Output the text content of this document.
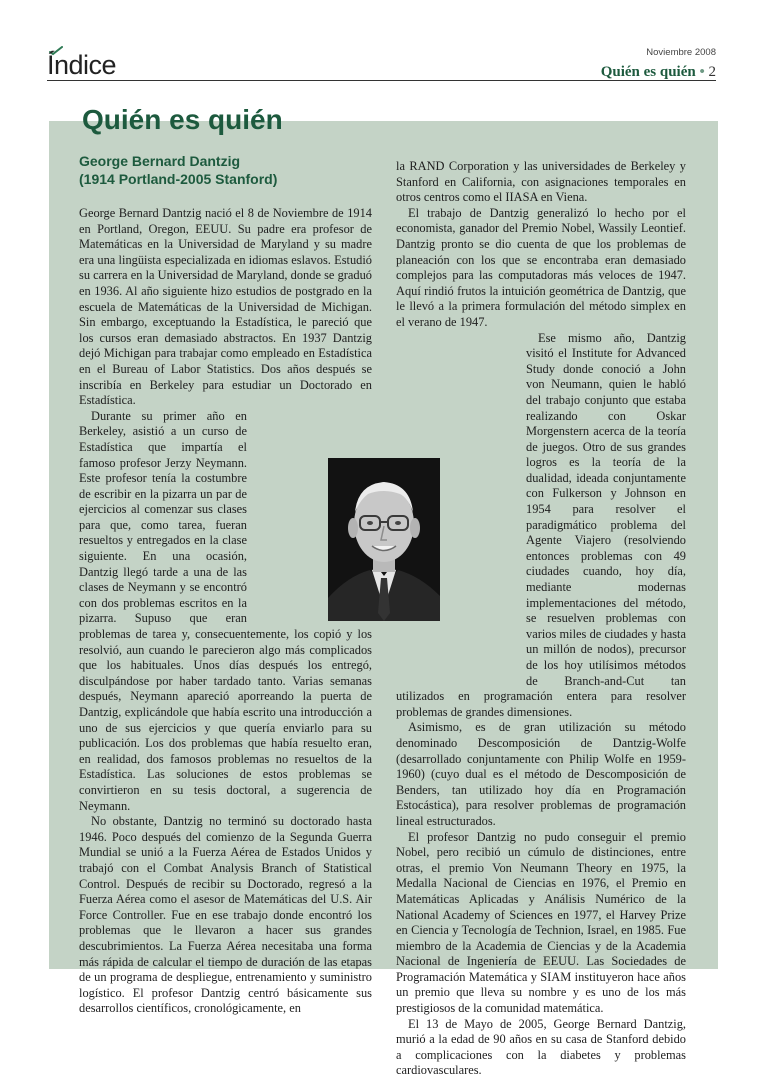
Índice	Noviembre 2008
Quién es quién • 2
Quién es quién
George Bernard Dantzig
(1914 Portland-2005 Stanford)

George Bernard Dantzig nació el 8 de Noviembre de 1914 en Portland, Oregon, EEUU. Su padre era profesor de Matemáticas en la Universidad de Maryland y su madre era una lingüista especializada en idiomas eslavos. Estudió su carrera en la Universidad de Maryland, donde se graduó en 1936. Al año siguiente hizo estudios de postgrado en la escuela de Matemáticas de la Universidad de Michigan. Sin embargo, exceptuando la Estadística, le pareció que los cursos eran demasiado abstractos. En 1937 Dantzig dejó Michigan para trabajar como empleado en Estadística en el Bureau of Labor Statistics. Dos años después se inscribía en Berkeley para estudiar un Doctorado en Estadística.

Durante su primer año en Berkeley, asistió a un curso de Estadística que impartía el famoso profesor Jerzy Neymann. Este profesor tenía la costumbre de escribir en la pizarra un par de ejercicios al comenzar sus clases para que, como tarea, fueran resueltos y entregados en la clase siguiente. En una ocasión, Dantzig llegó tarde a una de las clases de Neymann y se encontró con dos problemas escritos en la pizarra. Supuso que eran problemas de tarea y, consecuentemente, los copió y los resolvió, aun cuando le parecieron algo más complicados que los habituales. Unos días después los entregó, disculpándose por haber tardado tanto. Varias semanas después, Neymann apareció aporreando la puerta de Dantzig, explicándole que había escrito una introducción a uno de sus ejercicios y que quería enviarlo para su publicación. Los dos problemas que había resuelto eran, en realidad, dos famosos problemas no resueltos de la Estadística. Las soluciones de estos problemas se convirtieron en su tesis doctoral, a sugerencia de Neymann.

No obstante, Dantzig no terminó su doctorado hasta 1946. Poco después del comienzo de la Segunda Guerra Mundial se unió a la Fuerza Aérea de Estados Unidos y trabajó con el Combat Analysis Branch of Statistical Control. Después de recibir su Doctorado, regresó a la Fuerza Aérea como el asesor de Matemáticas del U.S. Air Force Controller. Fue en ese trabajo donde encontró los problemas que le llevaron a hacer sus grandes descubrimientos. La Fuerza Aérea necesitaba una forma más rápida de calcular el tiempo de duración de las etapas de un programa de despliegue, entrenamiento y suministro logístico. El profesor Dantzig centró básicamente sus desarrollos científicos, cronológicamente, en

la RAND Corporation y las universidades de Berkeley y Stanford en California, con asignaciones temporales en otros centros como el IIASA en Viena.

El trabajo de Dantzig generalizó lo hecho por el economista, ganador del Premio Nobel, Wassily Leontief. Dantzig pronto se dio cuenta de que los problemas de planeación con los que se encontraba eran demasiado complejos para las computadoras más veloces de 1947. Aquí rindió frutos la intuición geométrica de Dantzig, que le llevó a la primera formulación del método simplex en el verano de 1947.

Ese mismo año, Dantzig visitó el Institute for Advanced Study donde conoció a John von Neumann, quien le habló del trabajo conjunto que estaba realizando con Oskar Morgenstern acerca de la teoría de juegos. Otro de sus grandes logros es la teoría de la dualidad, ideada conjuntamente con Fulkerson y Johnson en 1954 para resolver el paradigmático problema del Agente Viajero (resolviendo entonces problemas con 49 ciudades cuando, hoy día, mediante modernas implementaciones del método, se resuelven problemas con varios miles de ciudades y hasta un millón de nodos), precursor de los hoy utilísimos métodos de Branch-and-Cut tan utilizados en programación entera para resolver problemas de grandes dimensiones.

Asimismo, es de gran utilización su método denominado Descomposición de Dantzig-Wolfe (desarrollado conjuntamente con Philip Wolfe en 1959-1960) (cuyo dual es el método de Descomposición de Benders, tan utilizado hoy día en Programación Estocástica), para resolver problemas de programación lineal estructurados.

El profesor Dantzig no pudo conseguir el premio Nobel, pero recibió un cúmulo de distinciones, entre otras, el premio Von Neumann Theory en 1975, la Medalla Nacional de Ciencias en 1976, el Premio en Matemáticas Aplicadas y Análisis Numérico de la National Academy of Sciences en 1977, el Harvey Prize en Ciencia y Tecnología de Technion, Israel, en 1985. Fue miembro de la Academia de Ciencias y de la Academia Nacional de Ingeniería de EEUU. Las Sociedades de Programación Matemática y SIAM instituyeron hace años un premio que lleva su nombre y es uno de los más prestigiosos de la comunidad matemática.

El 13 de Mayo de 2005, George Bernard Dantzig, murió a la edad de 90 años en su casa de Stanford debido a complicaciones con la diabetes y problemas cardiovasculares.
